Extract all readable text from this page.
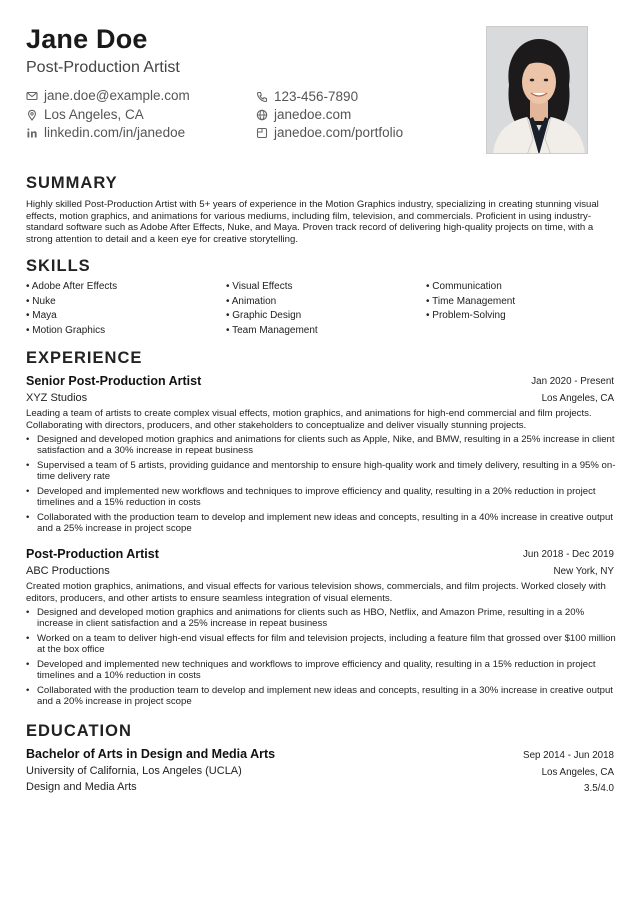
Jane Doe
Post-Production Artist
jane.doe@example.com
Los Angeles, CA
linkedin.com/in/janedoe
123-456-7890
janedoe.com
janedoe.com/portfolio
SUMMARY
Highly skilled Post-Production Artist with 5+ years of experience in the Motion Graphics industry, specializing in creating stunning visual effects, motion graphics, and animations for various mediums, including film, television, and commercials. Proficient in using industry-standard software such as Adobe After Effects, Nuke, and Maya. Proven track record of delivering high-quality projects on time, with a strong attention to detail and a keen eye for creative storytelling.
SKILLS
• Adobe After Effects
• Nuke
• Maya
• Motion Graphics
• Visual Effects
• Animation
• Graphic Design
• Team Management
• Communication
• Time Management
• Problem-Solving
EXPERIENCE
Senior Post-Production Artist	Jan 2020 - Present
XYZ Studios	Los Angeles, CA
Leading a team of artists to create complex visual effects, motion graphics, and animations for high-end commercial and film projects. Collaborating with directors, producers, and other stakeholders to conceptualize and deliver visually stunning projects.
• Designed and developed motion graphics and animations for clients such as Apple, Nike, and BMW, resulting in a 25% increase in client satisfaction and a 30% increase in repeat business
• Supervised a team of 5 artists, providing guidance and mentorship to ensure high-quality work and timely delivery, resulting in a 95% on-time delivery rate
• Developed and implemented new workflows and techniques to improve efficiency and quality, resulting in a 20% reduction in project timelines and a 15% reduction in costs
• Collaborated with the production team to develop and implement new ideas and concepts, resulting in a 40% increase in creative output and a 25% increase in project scope
Post-Production Artist	Jun 2018 - Dec 2019
ABC Productions	New York, NY
Created motion graphics, animations, and visual effects for various television shows, commercials, and film projects. Worked closely with editors, producers, and other artists to ensure seamless integration of visual elements.
• Designed and developed motion graphics and animations for clients such as HBO, Netflix, and Amazon Prime, resulting in a 20% increase in client satisfaction and a 25% increase in repeat business
• Worked on a team to deliver high-end visual effects for film and television projects, including a feature film that grossed over $100 million at the box office
• Developed and implemented new techniques and workflows to improve efficiency and quality, resulting in a 15% reduction in project timelines and a 10% reduction in costs
• Collaborated with the production team to develop and implement new ideas and concepts, resulting in a 30% increase in creative output and a 20% increase in project scope
EDUCATION
Bachelor of Arts in Design and Media Arts	Sep 2014 - Jun 2018
University of California, Los Angeles (UCLA)	Los Angeles, CA
Design and Media Arts	3.5/4.0
